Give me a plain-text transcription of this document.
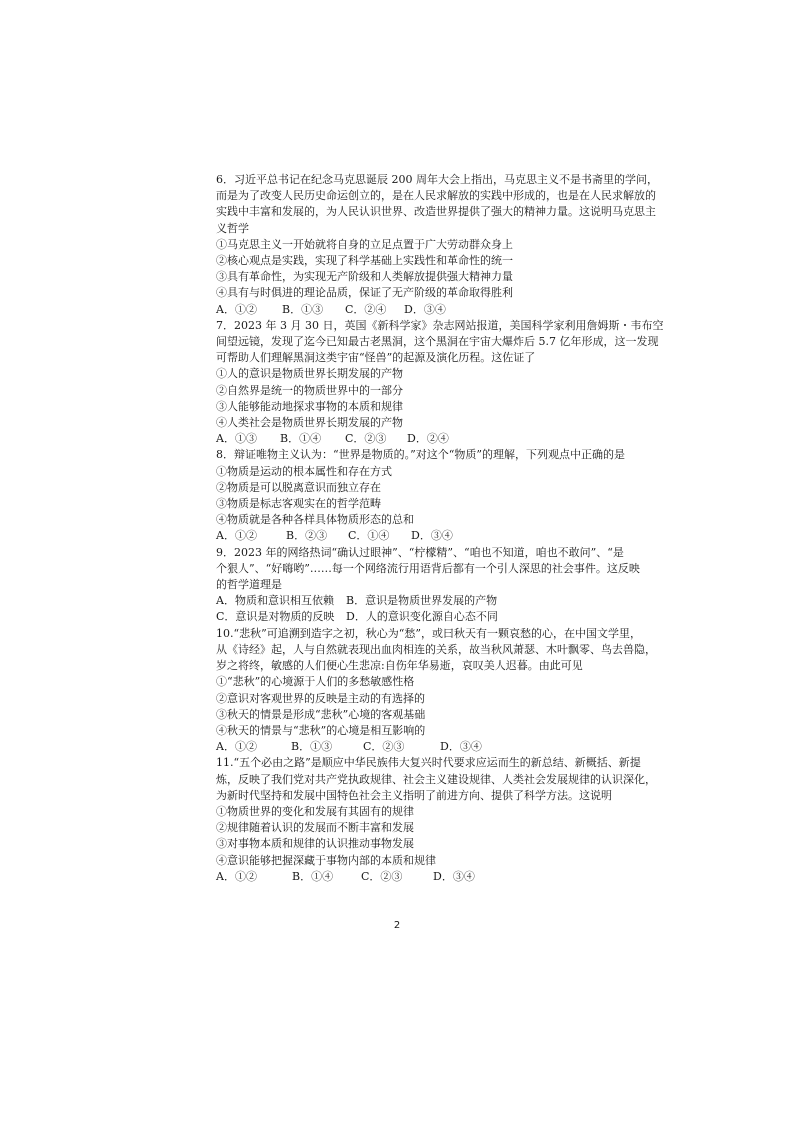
6．习近平总书记在纪念马克思诞辰 200 周年大会上指出，马克思主义不是书斋里的学问，
而是为了改变人民历史命运创立的，是在人民求解放的实践中形成的，也是在人民求解放的
实践中丰富和发展的，为人民认识世界、改造世界提供了强大的精神力量。这说明马克思主
义哲学
①马克思主义一开始就将自身的立足点置于广大劳动群众身上
②核心观点是实践，实现了科学基础上实践性和革命性的统一
③具有革命性，为实现无产阶级和人类解放提供强大精神力量
④具有与时俱进的理论品质，保证了无产阶级的革命取得胜利
A．①②	B．①③	C．②④	D．③④
7．2023 年 3 月 30 日，英国《新科学家》杂志网站报道，美国科学家利用詹姆斯・韦布空
间望远镜，发现了迄今已知最古老黑洞，这个黑洞在宇宙大爆炸后 5.7 亿年形成，这一发现
可帮助人们理解黑洞这类宇宙“怪兽”的起源及演化历程。这佐证了
①人的意识是物质世界长期发展的产物
②自然界是统一的物质世界中的一部分
③人能够能动地探求事物的本质和规律
④人类社会是物质世界长期发展的产物
A．①③	B．①④	C．②③	D．②④
8．辩证唯物主义认为：“世界是物质的。”对这个“物质”的理解，下列观点中正确的是
①物质是运动的根本属性和存在方式
②物质是可以脱离意识而独立存在
③物质是标志客观实在的哲学范畴
④物质就是各种各样具体物质形态的总和
A．①②	B．②③	C．①④	D．③④
9．2023 年的网络热词“确认过眼神”、“柠檬精”、“咱也不知道，咱也不敢问”、“是
个狠人”、“好嗨哟”……每一个网络流行用语背后都有一个引人深思的社会事件。这反映
的哲学道理是
A．物质和意识相互依赖	B．意识是物质世界发展的产物
C．意识是对物质的反映	D．人的意识变化源自心态不同
10.“悲秋”可追溯到造字之初，秋心为“愁”，或曰秋天有一颗哀愁的心，在中国文学里，
从《诗经》起，人与自然就表现出血肉相连的关系，故当秋风萧瑟、木叶飘零、鸟去兽隐，
岁之将终，敏感的人们便心生悲凉:自伤年华易逝，哀叹美人迟暮。由此可见
①“悲秋”的心境源于人们的多愁敏感性格
②意识对客观世界的反映是主动的有选择的
③秋天的情景是形成“悲秋”心境的客观基础
④秋天的情景与“悲秋”的心境是相互影响的
A．①②	B．①③	C．②③	D．③④
11.“五个必由之路”是顺应中华民族伟大复兴时代要求应运而生的新总结、新概括、新提
炼，反映了我们党对共产党执政规律、社会主义建设规律、人类社会发展规律的认识深化，
为新时代坚持和发展中国特色社会主义指明了前进方向、提供了科学方法。这说明
①物质世界的变化和发展有其固有的规律
②规律随着认识的发展而不断丰富和发展
③对事物本质和规律的认识推动事物发展
④意识能够把握深藏于事物内部的本质和规律
A．①②	B．①④	C．②③	D．③④
2
